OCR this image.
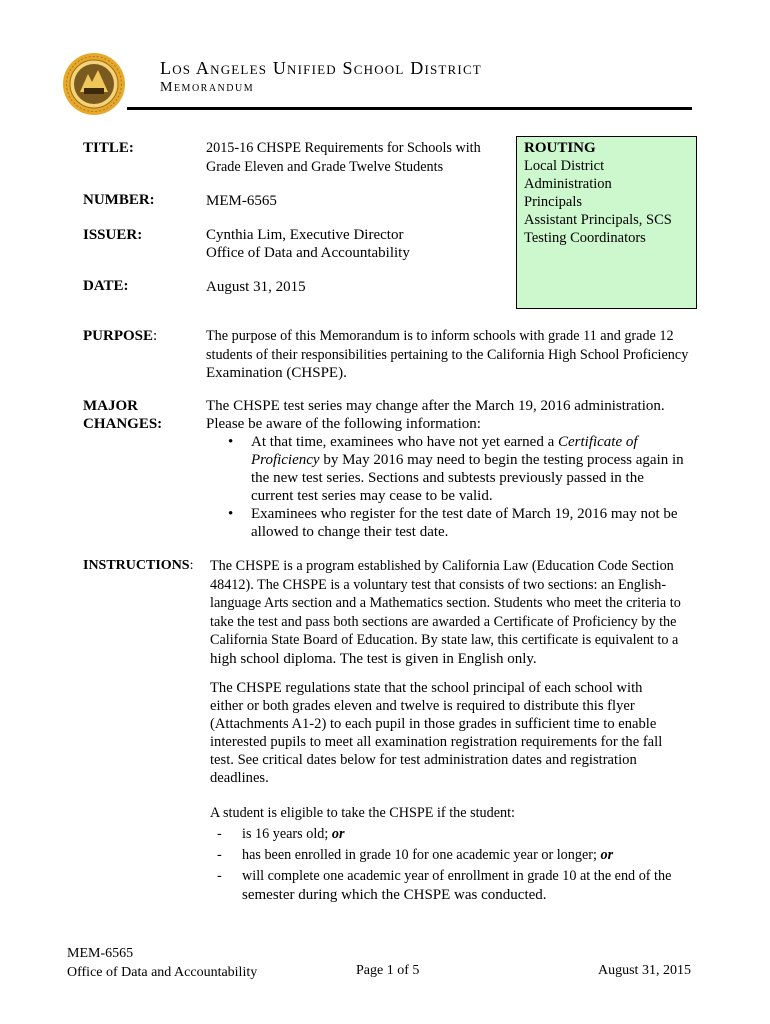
Los Angeles Unified School District
Memorandum
TITLE:	2015-16 CHSPE Requirements for Schools with
Grade Eleven and Grade Twelve Students
NUMBER:	MEM-6565
ISSUER:	Cynthia Lim, Executive Director
Office of Data and Accountability
DATE:	August 31, 2015
ROUTING
Local District
Administration
Principals
Assistant Principals, SCS
Testing Coordinators
PURPOSE:	The purpose of this Memorandum is to inform schools with grade 11 and grade 12
students of their responsibilities pertaining to the California High School Proficiency
Examination (CHSPE).
MAJOR
CHANGES:
The CHSPE test series may change after the March 19, 2016 administration.
Please be aware of the following information:
• At that time, examinees who have not yet earned a Certificate of
Proficiency by May 2016 may need to begin the testing process again in
the new test series. Sections and subtests previously passed in the
current test series may cease to be valid.
• Examinees who register for the test date of March 19, 2016 may not be
allowed to change their test date.
INSTRUCTIONS: The CHSPE is a program established by California Law (Education Code Section
48412). The CHSPE is a voluntary test that consists of two sections: an English-
language Arts section and a Mathematics section. Students who meet the criteria to
take the test and pass both sections are awarded a Certificate of Proficiency by the
California State Board of Education. By state law, this certificate is equivalent to a
high school diploma. The test is given in English only.
The CHSPE regulations state that the school principal of each school with
either or both grades eleven and twelve is required to distribute this flyer
(Attachments A1-2) to each pupil in those grades in sufficient time to enable
interested pupils to meet all examination registration requirements for the fall
test. See critical dates below for test administration dates and registration
deadlines.
A student is eligible to take the CHSPE if the student:
- is 16 years old; or
- has been enrolled in grade 10 for one academic year or longer; or
- will complete one academic year of enrollment in grade 10 at the end of the
semester during which the CHSPE was conducted.
MEM-6565
Office of Data and Accountability	Page 1 of 5	August 31, 2015
